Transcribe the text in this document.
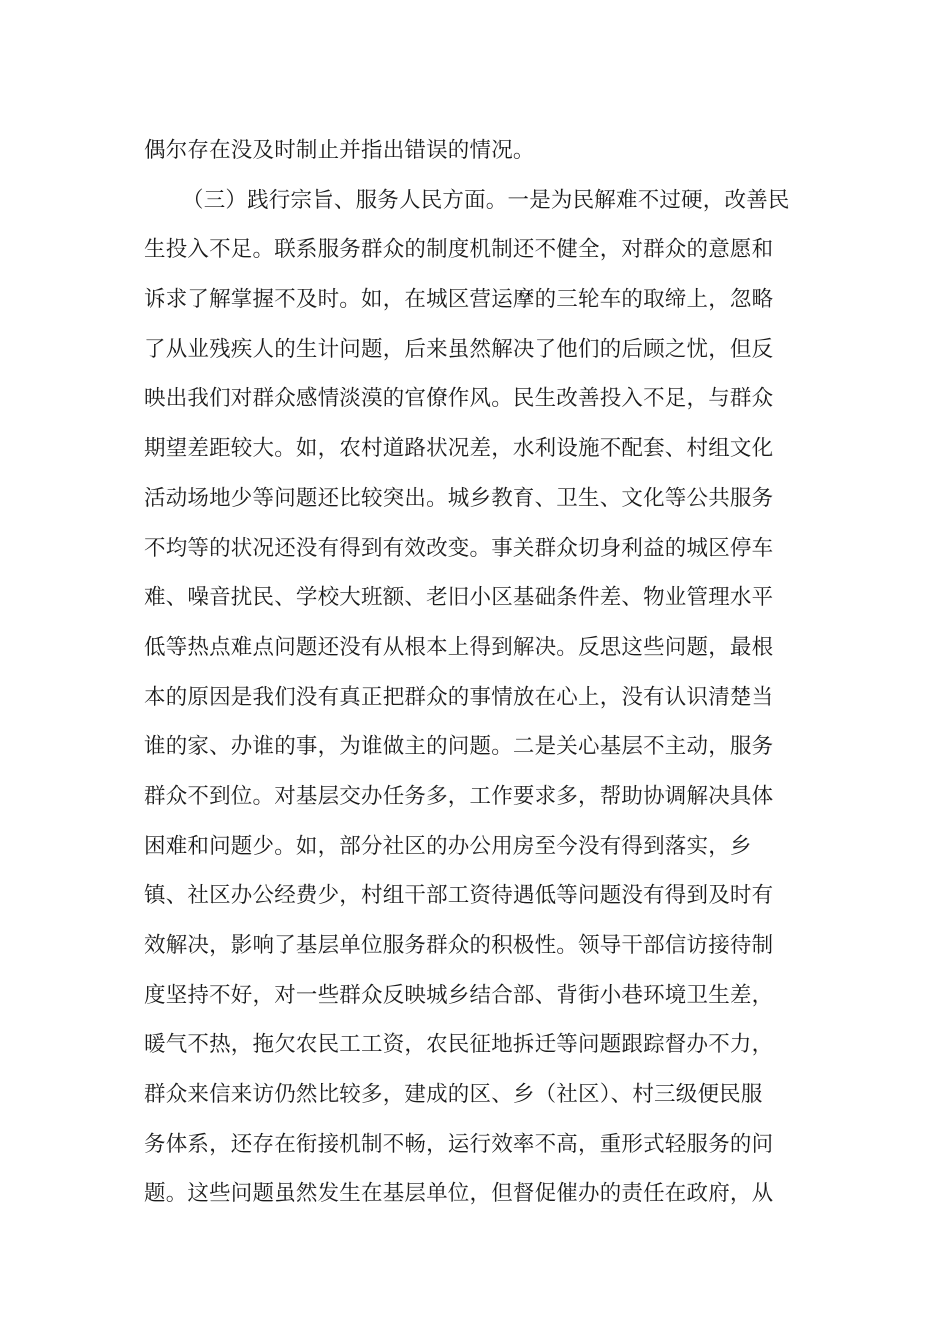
偶尔存在没及时制止并指出错误的情况。
（三）践行宗旨、服务人民方面。一是为民解难不过硬，改善民
生投入不足。联系服务群众的制度机制还不健全，对群众的意愿和
诉求了解掌握不及时。如，在城区营运摩的三轮车的取缔上，忽略
了从业残疾人的生计问题，后来虽然解决了他们的后顾之忧，但反
映出我们对群众感情淡漠的官僚作风。民生改善投入不足，与群众
期望差距较大。如，农村道路状况差，水利设施不配套、村组文化
活动场地少等问题还比较突出。城乡教育、卫生、文化等公共服务
不均等的状况还没有得到有效改变。事关群众切身利益的城区停车
难、噪音扰民、学校大班额、老旧小区基础条件差、物业管理水平
低等热点难点问题还没有从根本上得到解决。反思这些问题，最根
本的原因是我们没有真正把群众的事情放在心上，没有认识清楚当
谁的家、办谁的事，为谁做主的问题。二是关心基层不主动，服务
群众不到位。对基层交办任务多，工作要求多，帮助协调解决具体
困难和问题少。如，部分社区的办公用房至今没有得到落实，乡
镇、社区办公经费少，村组干部工资待遇低等问题没有得到及时有
效解决，影响了基层单位服务群众的积极性。领导干部信访接待制
度坚持不好，对一些群众反映城乡结合部、背街小巷环境卫生差，
暖气不热，拖欠农民工工资，农民征地拆迁等问题跟踪督办不力，
群众来信来访仍然比较多，建成的区、乡（社区）、村三级便民服
务体系，还存在衔接机制不畅，运行效率不高，重形式轻服务的问
题。这些问题虽然发生在基层单位，但督促催办的责任在政府，从
